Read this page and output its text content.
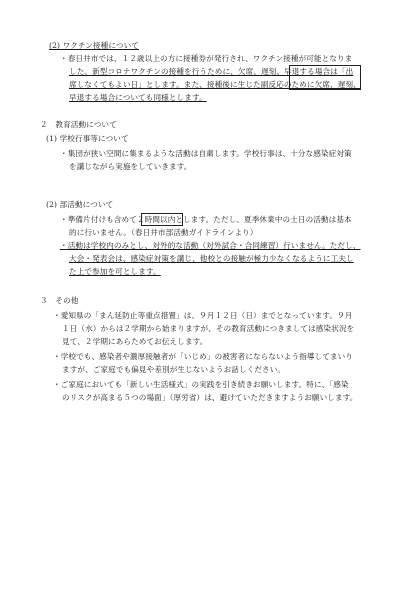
(2) ワクチン接種について
・春日井市では、１２歳以上の方に接種券が発行され、ワクチン接種が可能となりま
した。新型コロナワクチンの接種を行うために、欠席、遅刻、早退する場合は「出
席しなくてもよい日」とします。また、接種後に生じた副反応のために欠席、遅刻、
早退する場合についても同様とします。
２　教育活動について
(1) 学校行事等について
・集団が狭い空間に集まるような活動は自粛します。学校行事は、十分な感染症対策
を講じながら実施をしていきます。
(2) 部活動について
・準備片付けも含めて２時間以内とします。ただし、夏季休業中の土日の活動は基本
的に行いません。（春日井市部活動ガイドラインより）
・活動は学校内のみとし、対外的な活動（対外試合・合同練習）行いません。ただし、
大会・発表会は、感染症対策を講じ、他校との接触が極力少なくなるように工夫し
た上で参加を可とします。
３　その他
・愛知県の「まん延防止等重点措置」は、９月１２日（日）までとなっています。９月
１日（水）からは２学期から始まりますが、その教育活動につきましては感染状況を
見て、２学期にあらためてお伝えします。
・学校でも、感染者や濃厚接触者が「いじめ」の被害者にならないよう指導してまいり
ますが、ご家庭でも偏見や差別が生じないようお話しください。
・ご家庭においても「新しい生活様式」の実践を引き続きお願いします。特に、「感染
のリスクが高まる５つの場面」（厚労省）は、避けていただきますようお願いします。
